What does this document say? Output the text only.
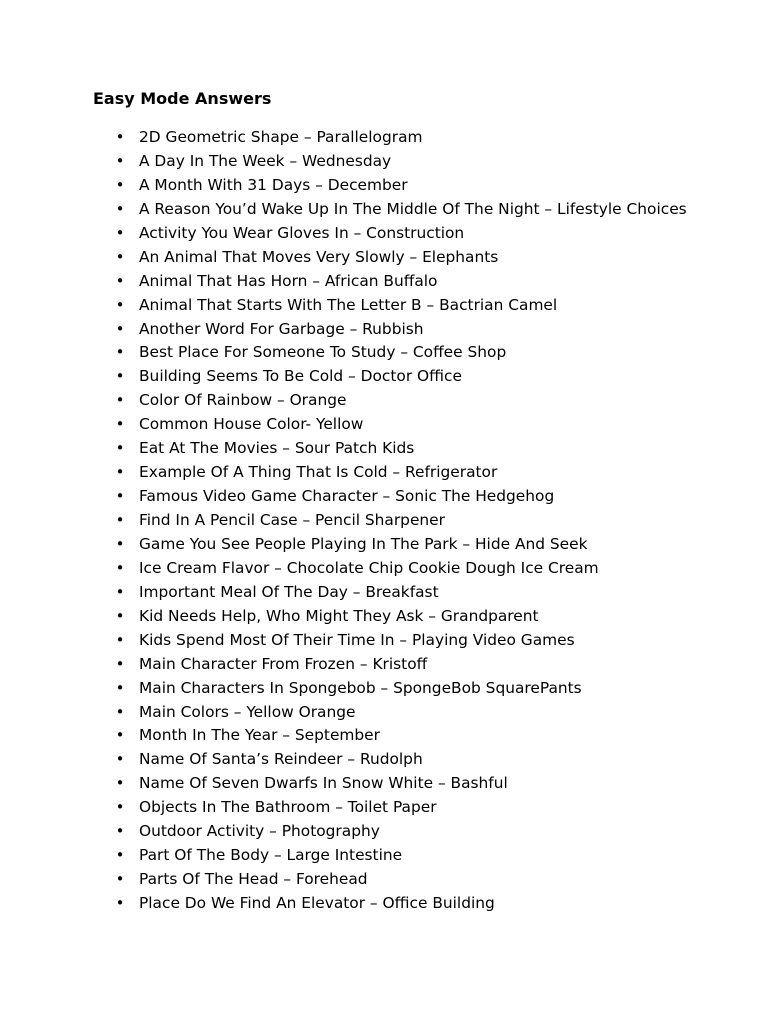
Easy Mode Answers
• 2D Geometric Shape – Parallelogram
• A Day In The Week – Wednesday
• A Month With 31 Days – December
• A Reason You’d Wake Up In The Middle Of The Night – Lifestyle Choices
• Activity You Wear Gloves In – Construction
• An Animal That Moves Very Slowly – Elephants
• Animal That Has Horn – African Buffalo
• Animal That Starts With The Letter B – Bactrian Camel
• Another Word For Garbage – Rubbish
• Best Place For Someone To Study – Coffee Shop
• Building Seems To Be Cold – Doctor Office
• Color Of Rainbow – Orange
• Common House Color- Yellow
• Eat At The Movies – Sour Patch Kids
• Example Of A Thing That Is Cold – Refrigerator
• Famous Video Game Character – Sonic The Hedgehog
• Find In A Pencil Case – Pencil Sharpener
• Game You See People Playing In The Park – Hide And Seek
• Ice Cream Flavor – Chocolate Chip Cookie Dough Ice Cream
• Important Meal Of The Day – Breakfast
• Kid Needs Help, Who Might They Ask – Grandparent
• Kids Spend Most Of Their Time In – Playing Video Games
• Main Character From Frozen – Kristoff
• Main Characters In Spongebob – SpongeBob SquarePants
• Main Colors – Yellow Orange
• Month In The Year – September
• Name Of Santa’s Reindeer – Rudolph
• Name Of Seven Dwarfs In Snow White – Bashful
• Objects In The Bathroom – Toilet Paper
• Outdoor Activity – Photography
• Part Of The Body – Large Intestine
• Parts Of The Head – Forehead
• Place Do We Find An Elevator – Office Building
